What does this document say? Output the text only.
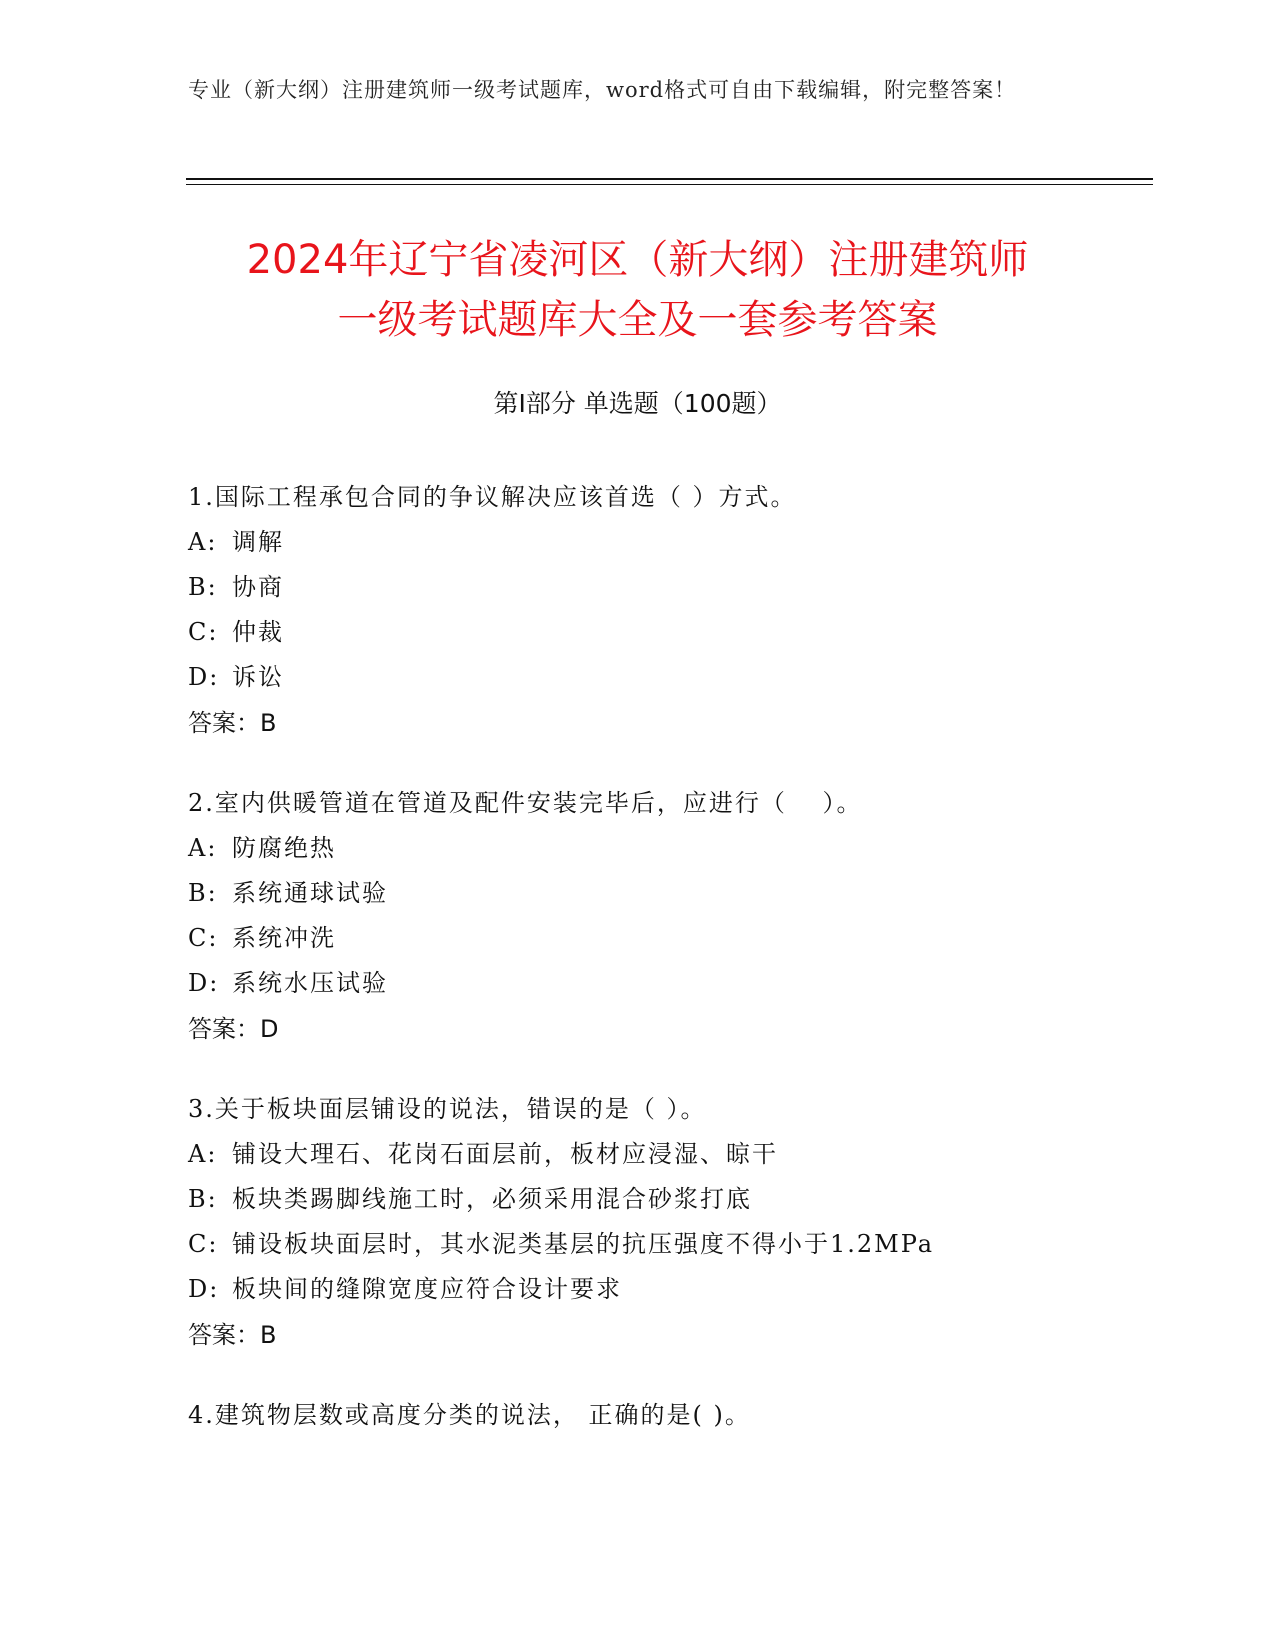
专业（新大纲）注册建筑师一级考试题库，word格式可自由下载编辑，附完整答案！
2024年辽宁省凌河区（新大纲）注册建筑师
一级考试题库大全及一套参考答案
第Ⅰ部分 单选题（100题）
1.国际工程承包合同的争议解决应该首选（ ）方式。
A: 调解
B: 协商
C: 仲裁
D: 诉讼
答案：B
2.室内供暖管道在管道及配件安装完毕后，应进行（　 ）。
A: 防腐绝热
B: 系统通球试验
C: 系统冲洗
D: 系统水压试验
答案：D
3.关于板块面层铺设的说法，错误的是（ ）。
A: 铺设大理石、花岗石面层前，板材应浸湿、晾干
B: 板块类踢脚线施工时，必须采用混合砂浆打底
C: 铺设板块面层时，其水泥类基层的抗压强度不得小于1.2MPa
D: 板块间的缝隙宽度应符合设计要求
答案：B
4.建筑物层数或高度分类的说法， 正确的是( )。
